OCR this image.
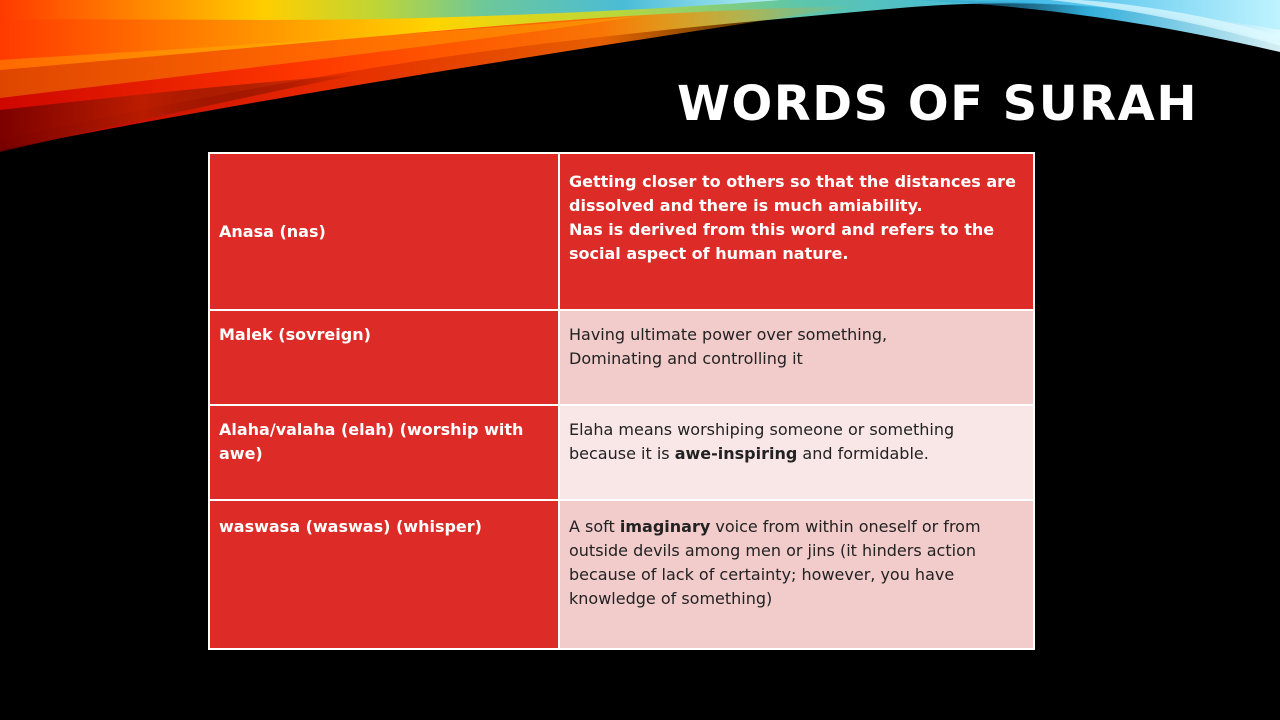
WORDS OF SURAH
Anasa (nas)	Getting closer to others so that the distances are dissolved and there is much amiability.
Nas is derived from this word and refers to the social aspect of human nature.

Malek (sovreign)	Having ultimate power over something,
Dominating and controlling it

Alaha/valaha (elah) (worship with awe)	Elaha means worshiping someone or something because it is awe-inspiring and formidable.
waswasa (waswas) (whisper)	A soft imaginary voice from within oneself or from outside devils among men or jins (it hinders action because of lack of certainty; however, you have knowledge of something)
